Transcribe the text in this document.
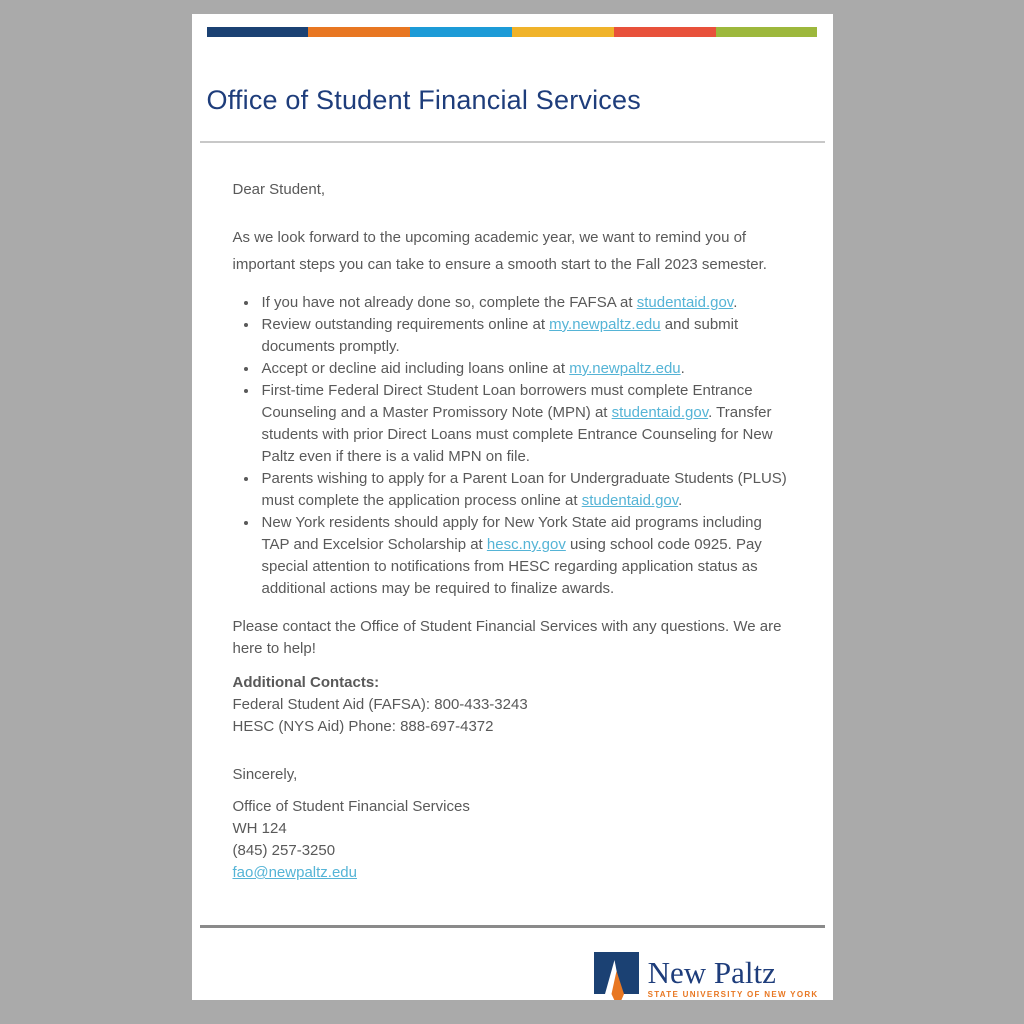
Office of Student Financial Services

Dear Student,

As we look forward to the upcoming academic year, we want to remind you of important steps you can take to ensure a smooth start to the Fall 2023 semester.

• If you have not already done so, complete the FAFSA at studentaid.gov.
• Review outstanding requirements online at my.newpaltz.edu and submit documents promptly.
• Accept or decline aid including loans online at my.newpaltz.edu.
• First-time Federal Direct Student Loan borrowers must complete Entrance Counseling and a Master Promissory Note (MPN) at studentaid.gov. Transfer students with prior Direct Loans must complete Entrance Counseling for New Paltz even if there is a valid MPN on file.
• Parents wishing to apply for a Parent Loan for Undergraduate Students (PLUS) must complete the application process online at studentaid.gov.
• New York residents should apply for New York State aid programs including TAP and Excelsior Scholarship at hesc.ny.gov using school code 0925. Pay special attention to notifications from HESC regarding application status as additional actions may be required to finalize awards.

Please contact the Office of Student Financial Services with any questions. We are here to help!

Additional Contacts:
Federal Student Aid (FAFSA): 800-433-3243
HESC (NYS Aid) Phone: 888-697-4372

Sincerely,

Office of Student Financial Services
WH 124
(845) 257-3250
fao@newpaltz.edu
New Paltz
STATE UNIVERSITY OF NEW YORK
